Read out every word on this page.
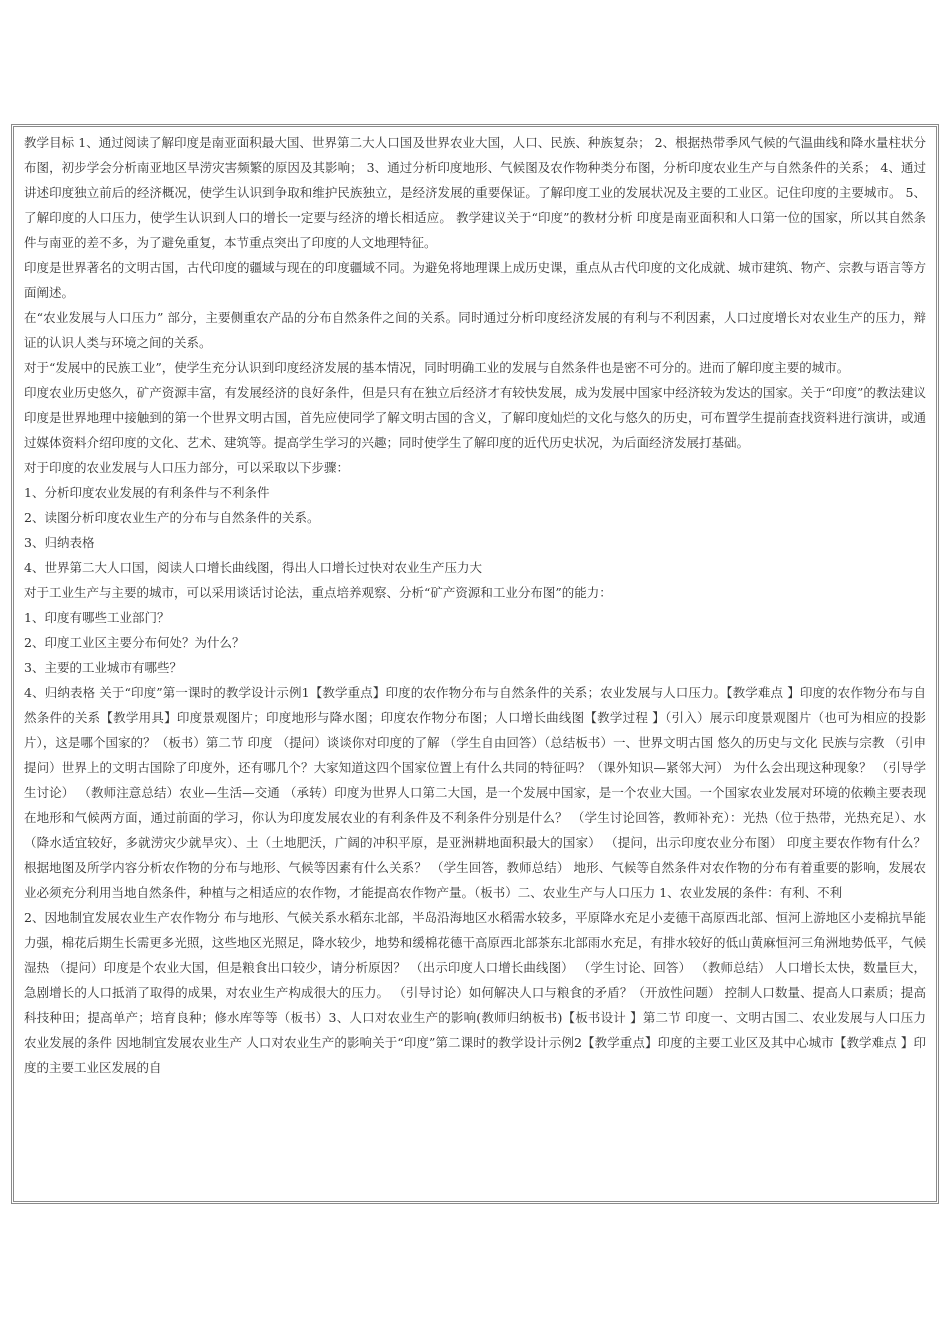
教学目标 1、通过阅读了解印度是南亚面积最大国、世界第二大人口国及世界农业大国，人口、民族、种族复杂； 2、根据热带季风气候的气温曲线和降水量柱状分布图，初步学会分析南亚地区旱涝灾害频繁的原因及其影响； 3、通过分析印度地形、气候图及农作物种类分布图，分析印度农业生产与自然条件的关系； 4、通过讲述印度独立前后的经济概况，使学生认识到争取和维护民族独立，是经济发展的重要保证。了解印度工业的发展状况及主要的工业区。记住印度的主要城市。 5、了解印度的人口压力，使学生认识到人口的增长一定要与经济的增长相适应。 教学建议关于“印度”的教材分析 印度是南亚面积和人口第一位的国家，所以其自然条件与南亚的差不多，为了避免重复，本节重点突出了印度的人文地理特征。

印度是世界著名的文明古国，古代印度的疆域与现在的印度疆域不同。为避免将地理课上成历史课，重点从古代印度的文化成就、城市建筑、物产、宗教与语言等方面阐述。

在“农业发展与人口压力” 部分，主要侧重农产品的分布自然条件之间的关系。同时通过分析印度经济发展的有利与不利因素，人口过度增长对农业生产的压力，辩证的认识人类与环境之间的关系。

对于“发展中的民族工业”，使学生充分认识到印度经济发展的基本情况，同时明确工业的发展与自然条件也是密不可分的。进而了解印度主要的城市。

印度农业历史悠久，矿产资源丰富，有发展经济的良好条件，但是只有在独立后经济才有较快发展，成为发展中国家中经济较为发达的国家。关于“印度”的教法建议 印度是世界地理中接触到的第一个世界文明古国，首先应使同学了解文明古国的含义，了解印度灿烂的文化与悠久的历史，可布置学生提前查找资料进行演讲，或通过媒体资料介绍印度的文化、艺术、建筑等。提高学生学习的兴趣；同时使学生了解印度的近代历史状况，为后面经济发展打基础。

对于印度的农业发展与人口压力部分，可以采取以下步骤：

1、分析印度农业发展的有利条件与不利条件

2、读图分析印度农业生产的分布与自然条件的关系。

3、归纳表格

4、世界第二大人口国，阅读人口增长曲线图，得出人口增长过快对农业生产压力大

对于工业生产与主要的城市，可以采用谈话讨论法，重点培养观察、分析“矿产资源和工业分布图”的能力：

1、印度有哪些工业部门？

2、印度工业区主要分布何处？为什么？

3、主要的工业城市有哪些？

4、归纳表格 关于“印度”第一课时的教学设计示例1【教学重点】印度的农作物分布与自然条件的关系；农业发展与人口压力。【教学难点 】印度的农作物分布与自然条件的关系【教学用具】印度景观图片；印度地形与降水图；印度农作物分布图；人口增长曲线图【教学过程 】（引入）展示印度景观图片（也可为相应的投影片），这是哪个国家的？（板书）第二节 印度 （提问）谈谈你对印度的了解 （学生自由回答）（总结板书）一、世界文明古国 悠久的历史与文化 民族与宗教 （引申提问）世界上的文明古国除了印度外，还有哪几个？大家知道这四个国家位置上有什么共同的特征吗？（课外知识—紧邻大河） 为什么会出现这种现象？ （引导学生讨论） （教师注意总结）农业—生活—交通 （承转）印度为世界人口第二大国，是一个发展中国家，是一个农业大国。一个国家农业发展对环境的依赖主要表现在地形和气候两方面，通过前面的学习，你认为印度发展农业的有利条件及不利条件分别是什么？ （学生讨论回答，教师补充）：光热（位于热带，光热充足）、水（降水适宜较好，多就涝灾少就旱灾）、土（土地肥沃，广阔的冲积平原，是亚洲耕地面积最大的国家） （提问，出示印度农业分布图） 印度主要农作物有什么？ 根据地图及所学内容分析农作物的分布与地形、气候等因素有什么关系？ （学生回答，教师总结） 地形、气候等自然条件对农作物的分布有着重要的影响，发展农业必须充分利用当地自然条件，种植与之相适应的农作物，才能提高农作物产量。（板书）二、农业生产与人口压力 1、农业发展的条件：有利、不利

2、因地制宜发展农业生产农作物分 布与地形、气候关系水稻东北部，半岛沿海地区水稻需水较多，平原降水充足小麦德干高原西北部、恒河上游地区小麦棉抗旱能力强，棉花后期生长需更多光照，这些地区光照足，降水较少，地势和缓棉花德干高原西北部茶东北部雨水充足，有排水较好的低山黄麻恒河三角洲地势低平，气候湿热 （提问）印度是个农业大国，但是粮食出口较少，请分析原因？ （出示印度人口增长曲线图） （学生讨论、回答） （教师总结） 人口增长太快，数量巨大，急剧增长的人口抵消了取得的成果，对农业生产构成很大的压力。 （引导讨论）如何解决人口与粮食的矛盾？（开放性问题） 控制人口数量、提高人口素质；提高科技种田；提高单产；培育良种；修水库等等（板书）3、人口对农业生产的影响(教师归纳板书)【板书设计 】第二节 印度一、文明古国二、农业发展与人口压力 农业发展的条件 因地制宜发展农业生产 人口对农业生产的影响关于“印度”第二课时的教学设计示例2【教学重点】印度的主要工业区及其中心城市【教学难点 】印度的主要工业区发展的自
